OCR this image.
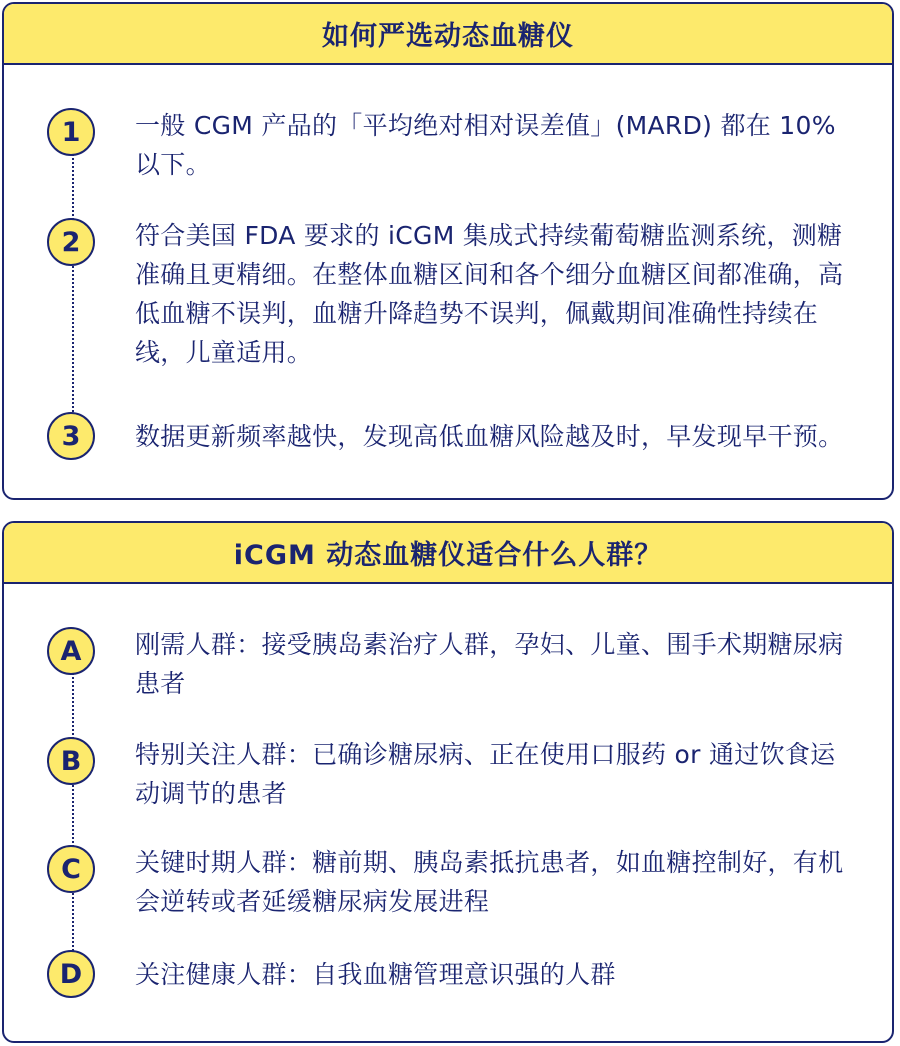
如何严选动态血糖仪
1	一般 CGM 产品的「平均绝对相对误差值」(MARD) 都在 10% 以下。
2	符合美国 FDA 要求的 iCGM 集成式持续葡萄糖监测系统，测糖准确且更精细。在整体血糖区间和各个细分血糖区间都准确，高低血糖不误判，血糖升降趋势不误判，佩戴期间准确性持续在线，儿童适用。
3	数据更新频率越快，发现高低血糖风险越及时，早发现早干预。
iCGM 动态血糖仪适合什么人群？
A	刚需人群：接受胰岛素治疗人群，孕妇、儿童、围手术期糖尿病患者
B	特别关注人群：已确诊糖尿病、正在使用口服药 or 通过饮食运动调节的患者
C	关键时期人群：糖前期、胰岛素抵抗患者，如血糖控制好，有机会逆转或者延缓糖尿病发展进程
D	关注健康人群：自我血糖管理意识强的人群
